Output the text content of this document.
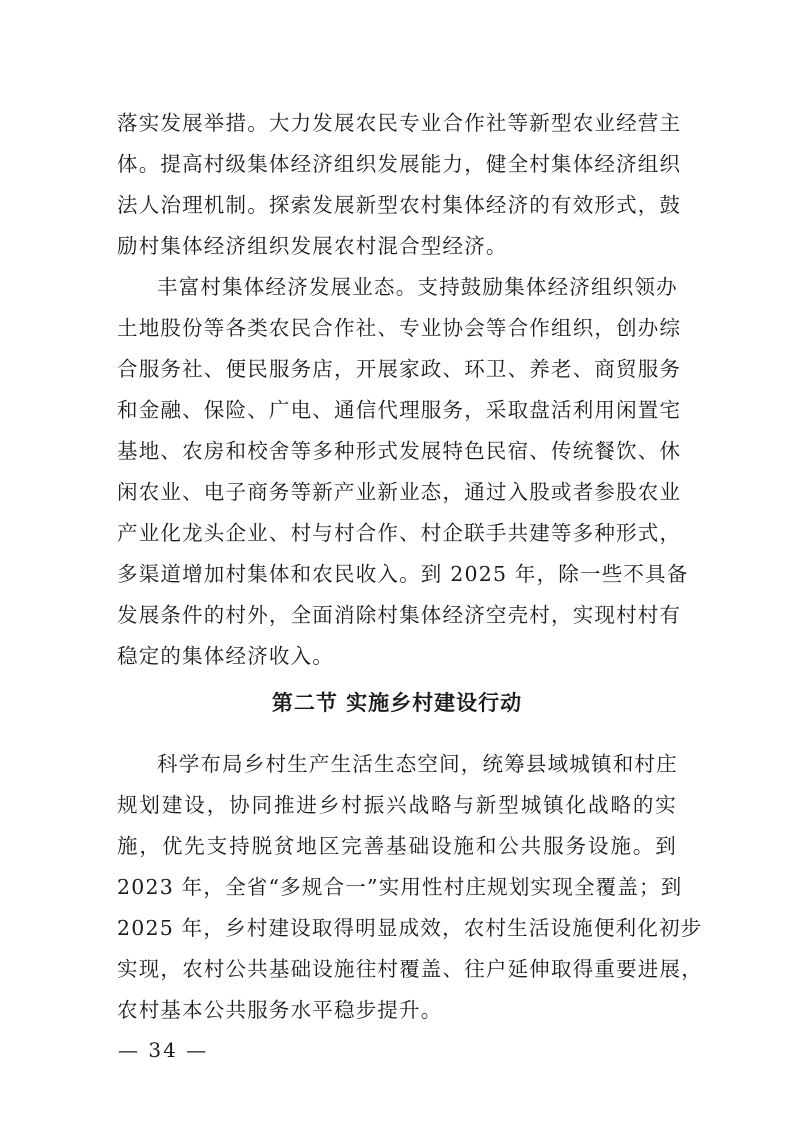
落实发展举措。大力发展农民专业合作社等新型农业经营主
体。提高村级集体经济组织发展能力，健全村集体经济组织
法人治理机制。探索发展新型农村集体经济的有效形式，鼓
励村集体经济组织发展农村混合型经济。
丰富村集体经济发展业态。支持鼓励集体经济组织领办
土地股份等各类农民合作社、专业协会等合作组织，创办综
合服务社、便民服务店，开展家政、环卫、养老、商贸服务
和金融、保险、广电、通信代理服务，采取盘活利用闲置宅
基地、农房和校舍等多种形式发展特色民宿、传统餐饮、休
闲农业、电子商务等新产业新业态，通过入股或者参股农业
产业化龙头企业、村与村合作、村企联手共建等多种形式，
多渠道增加村集体和农民收入。到 2025 年，除一些不具备
发展条件的村外，全面消除村集体经济空壳村，实现村村有
稳定的集体经济收入。
第二节 实施乡村建设行动
科学布局乡村生产生活生态空间，统筹县域城镇和村庄
规划建设，协同推进乡村振兴战略与新型城镇化战略的实
施，优先支持脱贫地区完善基础设施和公共服务设施。到
2023 年，全省“多规合一”实用性村庄规划实现全覆盖；到
2025 年，乡村建设取得明显成效，农村生活设施便利化初步
实现，农村公共基础设施往村覆盖、往户延伸取得重要进展，
农村基本公共服务水平稳步提升。
— 34 —
